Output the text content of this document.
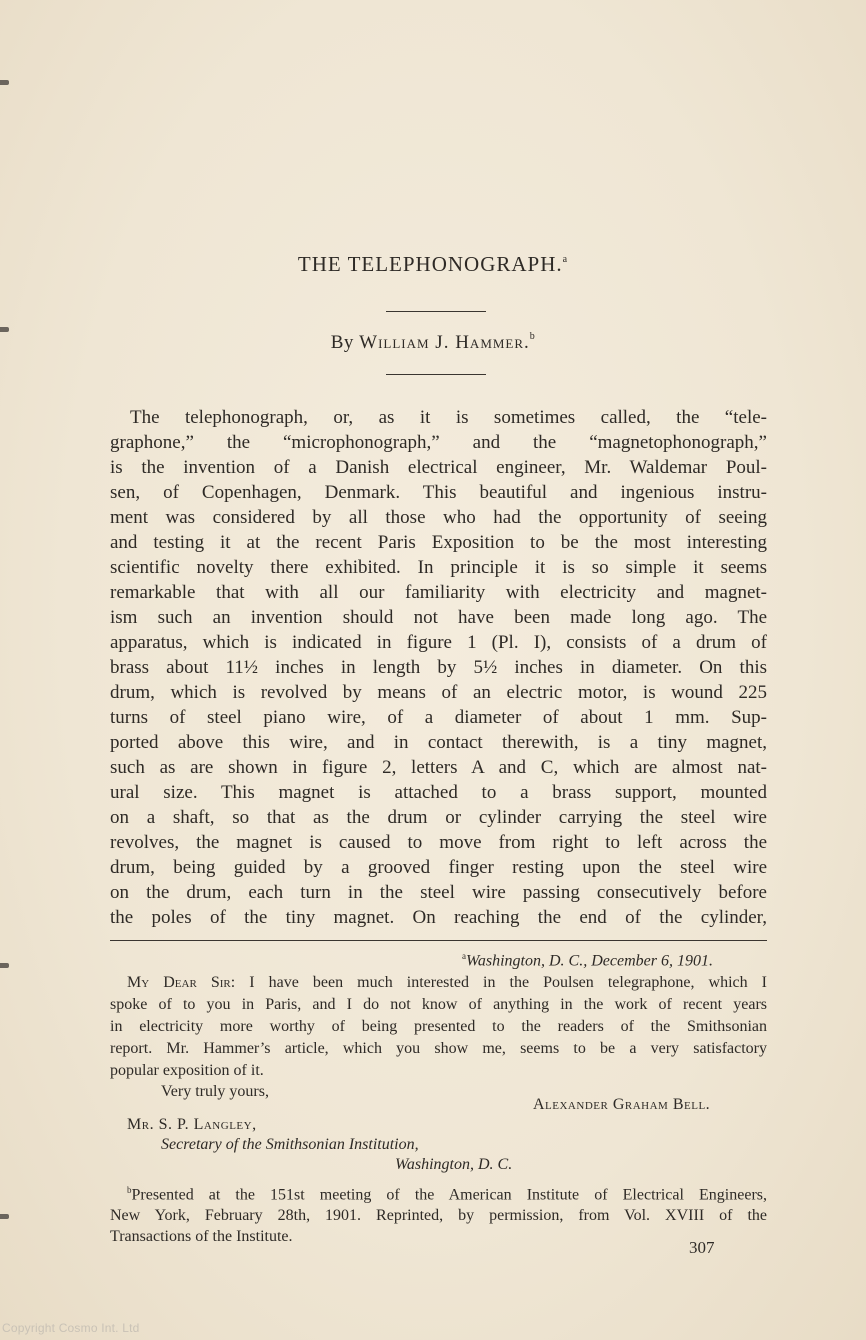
THE TELEPHONOGRAPH.$^a$
By William J. Hammer.$^b$
The telephonograph, or, as it is sometimes called, the “tele-
graphone,” the “microphonograph,” and the “magnetophonograph,”
is the invention of a Danish electrical engineer, Mr. Waldemar Poul-
sen, of Copenhagen, Denmark. This beautiful and ingenious instru-
ment was considered by all those who had the opportunity of seeing
and testing it at the recent Paris Exposition to be the most interesting
scientific novelty there exhibited. In principle it is so simple it seems
remarkable that with all our familiarity with electricity and magnet-
ism such an invention should not have been made long ago. The
apparatus, which is indicated in figure 1 (Pl. I), consists of a drum of
brass about 11½ inches in length by 5½ inches in diameter. On this
drum, which is revolved by means of an electric motor, is wound 225
turns of steel piano wire, of a diameter of about 1 mm. Sup-
ported above this wire, and in contact therewith, is a tiny magnet,
such as are shown in figure 2, letters A and C, which are almost nat-
ural size. This magnet is attached to a brass support, mounted
on a shaft, so that as the drum or cylinder carrying the steel wire
revolves, the magnet is caused to move from right to left across the
drum, being guided by a grooved finger resting upon the steel wire
on the drum, each turn in the steel wire passing consecutively before
the poles of the tiny magnet. On reaching the end of the cylinder,
$^a$Washington, D. C., December 6, 1901.
My Dear Sir: I have been much interested in the Poulsen telegraphone, which I
spoke of to you in Paris, and I do not know of anything in the work of recent years
in electricity more worthy of being presented to the readers of the Smithsonian
report. Mr. Hammer’s article, which you show me, seems to be a very satisfactory
popular exposition of it.
Very truly yours,
Alexander Graham Bell.
Mr. S. P. Langley,
Secretary of the Smithsonian Institution,
Washington, D. C.
$^b$Presented at the 151st meeting of the American Institute of Electrical Engineers,
New York, February 28th, 1901. Reprinted, by permission, from Vol. XVIII of the
Transactions of the Institute.
307
Copyright Cosmo Int. Ltd
